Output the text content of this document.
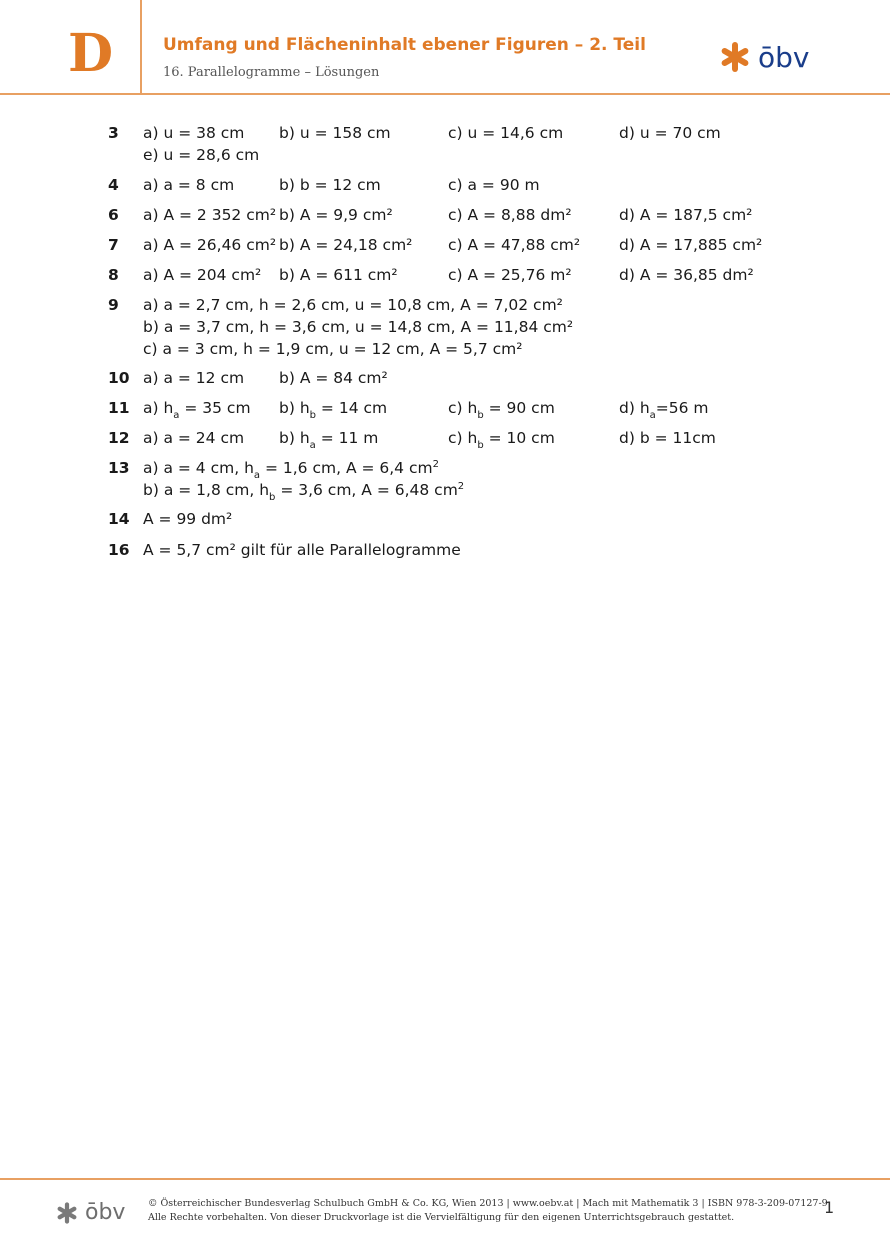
D	Umfang und Flächeninhalt ebener Figuren – 2. Teil
16. Parallelogramme – Lösungen	ōbv
3	a) u = 38 cm b) u = 158 cm	c) u = 14,6 cm	d) u = 70 cm
e) u = 28,6 cm
4	a) a = 8 cm	b) b = 12 cm	c) a = 90 m
6	a) A = 2 352 cm² b) A = 9,9 cm²	c) A = 8,88 dm²	d) A = 187,5 cm²
7	a) A = 26,46 cm² b) A = 24,18 cm² c) A = 47,88 cm²	d) A = 17,885 cm²
8	a) A = 204 cm² b) A = 611 cm²	c) A = 25,76 m²	d) A = 36,85 dm²
9	a) a = 2,7 cm, h = 2,6 cm, u = 10,8 cm, A = 7,02 cm²
b) a = 3,7 cm, h = 3,6 cm, u = 14,8 cm, A = 11,84 cm²
c) a = 3 cm, h = 1,9 cm, u = 12 cm, A = 5,7 cm²
10 a) a = 12 cm b) A = 84 cm²
11 a) $h_a = 35$ cm b) $h_b = 14$ cm	c) $h_b = 90$ cm	d) $h_a=56$ m
12 a) a = 24 cm b) $h_a = 11$ m	c) $h_b = 10$ cm	d) b = 11cm
13 a) a = 4 cm, $h_a = 1,6$ cm, A = 6,4 $cm^2$
b) a = 1,8 cm, $h_b = 3,6$ cm, A = 6,48 $cm^2$
14 A = 99 dm²
16 A = 5,7 cm² gilt für alle Parallelogramme
ōbv © Österreichischer Bundesverlag Schulbuch GmbH & Co. KG, Wien 2013 | www.oebv.at | Mach mit Mathematik 3 | ISBN 978-3-209-07127-9
Alle Rechte vorbehalten. Von dieser Druckvorlage ist die Vervielfältigung für den eigenen Unterrichtsgebrauch gestattet.
1
